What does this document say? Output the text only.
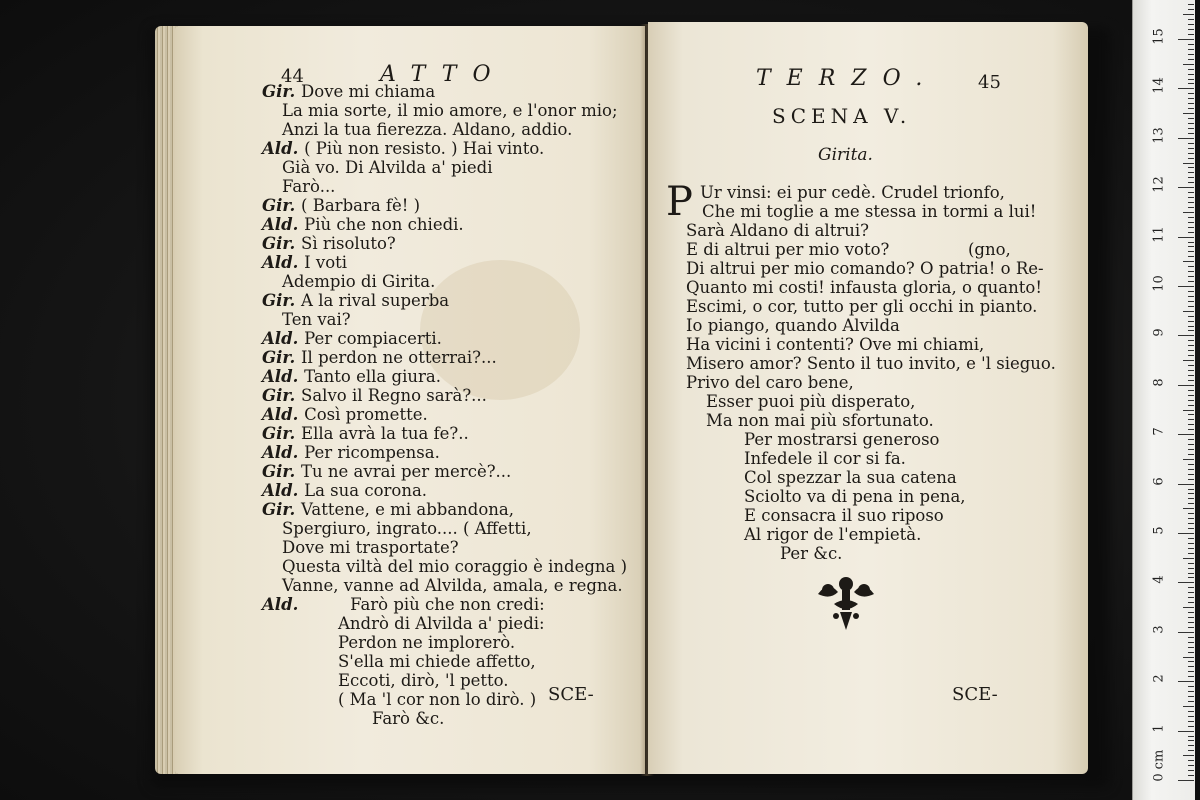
44	ATTO
Gir. Dove mi chiama
La mia sorte, il mio amore, e l'onor mio;
Anzi la tua fierezza. Aldano, addio.
Ald. ( Più non resisto. ) Hai vinto.
Già vo. Di Alvilda a' piedi
Farò...
Gir. ( Barbara fè! )
Ald. Più che non chiedi.
Gir. Sì risoluto?
Ald. I voti
Adempio di Girita.
Gir. A la rival superba
Ten vai?
Ald. Per compiacerti.
Gir. Il perdon ne otterrai?...
Ald. Tanto ella giura.
Gir. Salvo il Regno sarà?...
Ald. Così promette.
Gir. Ella avrà la tua fe?..
Ald. Per ricompensa.
Gir. Tu ne avrai per mercè?...
Ald. La sua corona.
Gir. Vattene, e mi abbandona,
Spergiuro, ingrato.... ( Affetti,
Dove mi trasportate?
Questa viltà del mio coraggio è indegna )
Vanne, vanne ad Alvilda, amala, e regna.
Ald.	Farò più che non credi:
Andrò di Alvilda a' piedi:
Perdon ne implorerò.
S'ella mi chiede affetto,
Eccoti, dirò, 'l petto.
( Ma 'l cor non lo dirò. )
Farò &c.
SCE-
TERZO. 45
SCENA V.
Girita.
P Ur vinsi: ei pur cedè. Crudel trionfo,
Che mi toglie a me stessa in tormi a lui!
Sarà Aldano di altrui?
E di altrui per mio voto?	(gno,
Di altrui per mio comando? O patria! o Re-
Quanto mi costi! infausta gloria, o quanto!
Escimi, o cor, tutto per gli occhi in pianto.
Io piango, quando Alvilda
Ha vicini i contenti? Ove mi chiami,
Misero amor? Sento il tuo invito, e 'l sieguo.
Privo del caro bene,
Esser puoi più disperato,
Ma non mai più sfortunato.
Per mostrarsi generoso
Infedele il cor si fa.
Col spezzar la sua catena
Sciolto va di pena in pena,
E consacra il suo riposo
Al rigor de l'empietà.
Per &c.
SCE-
0
1
2
3
4
5
6
7
8
9
10
11
12
13
14
15
cm
